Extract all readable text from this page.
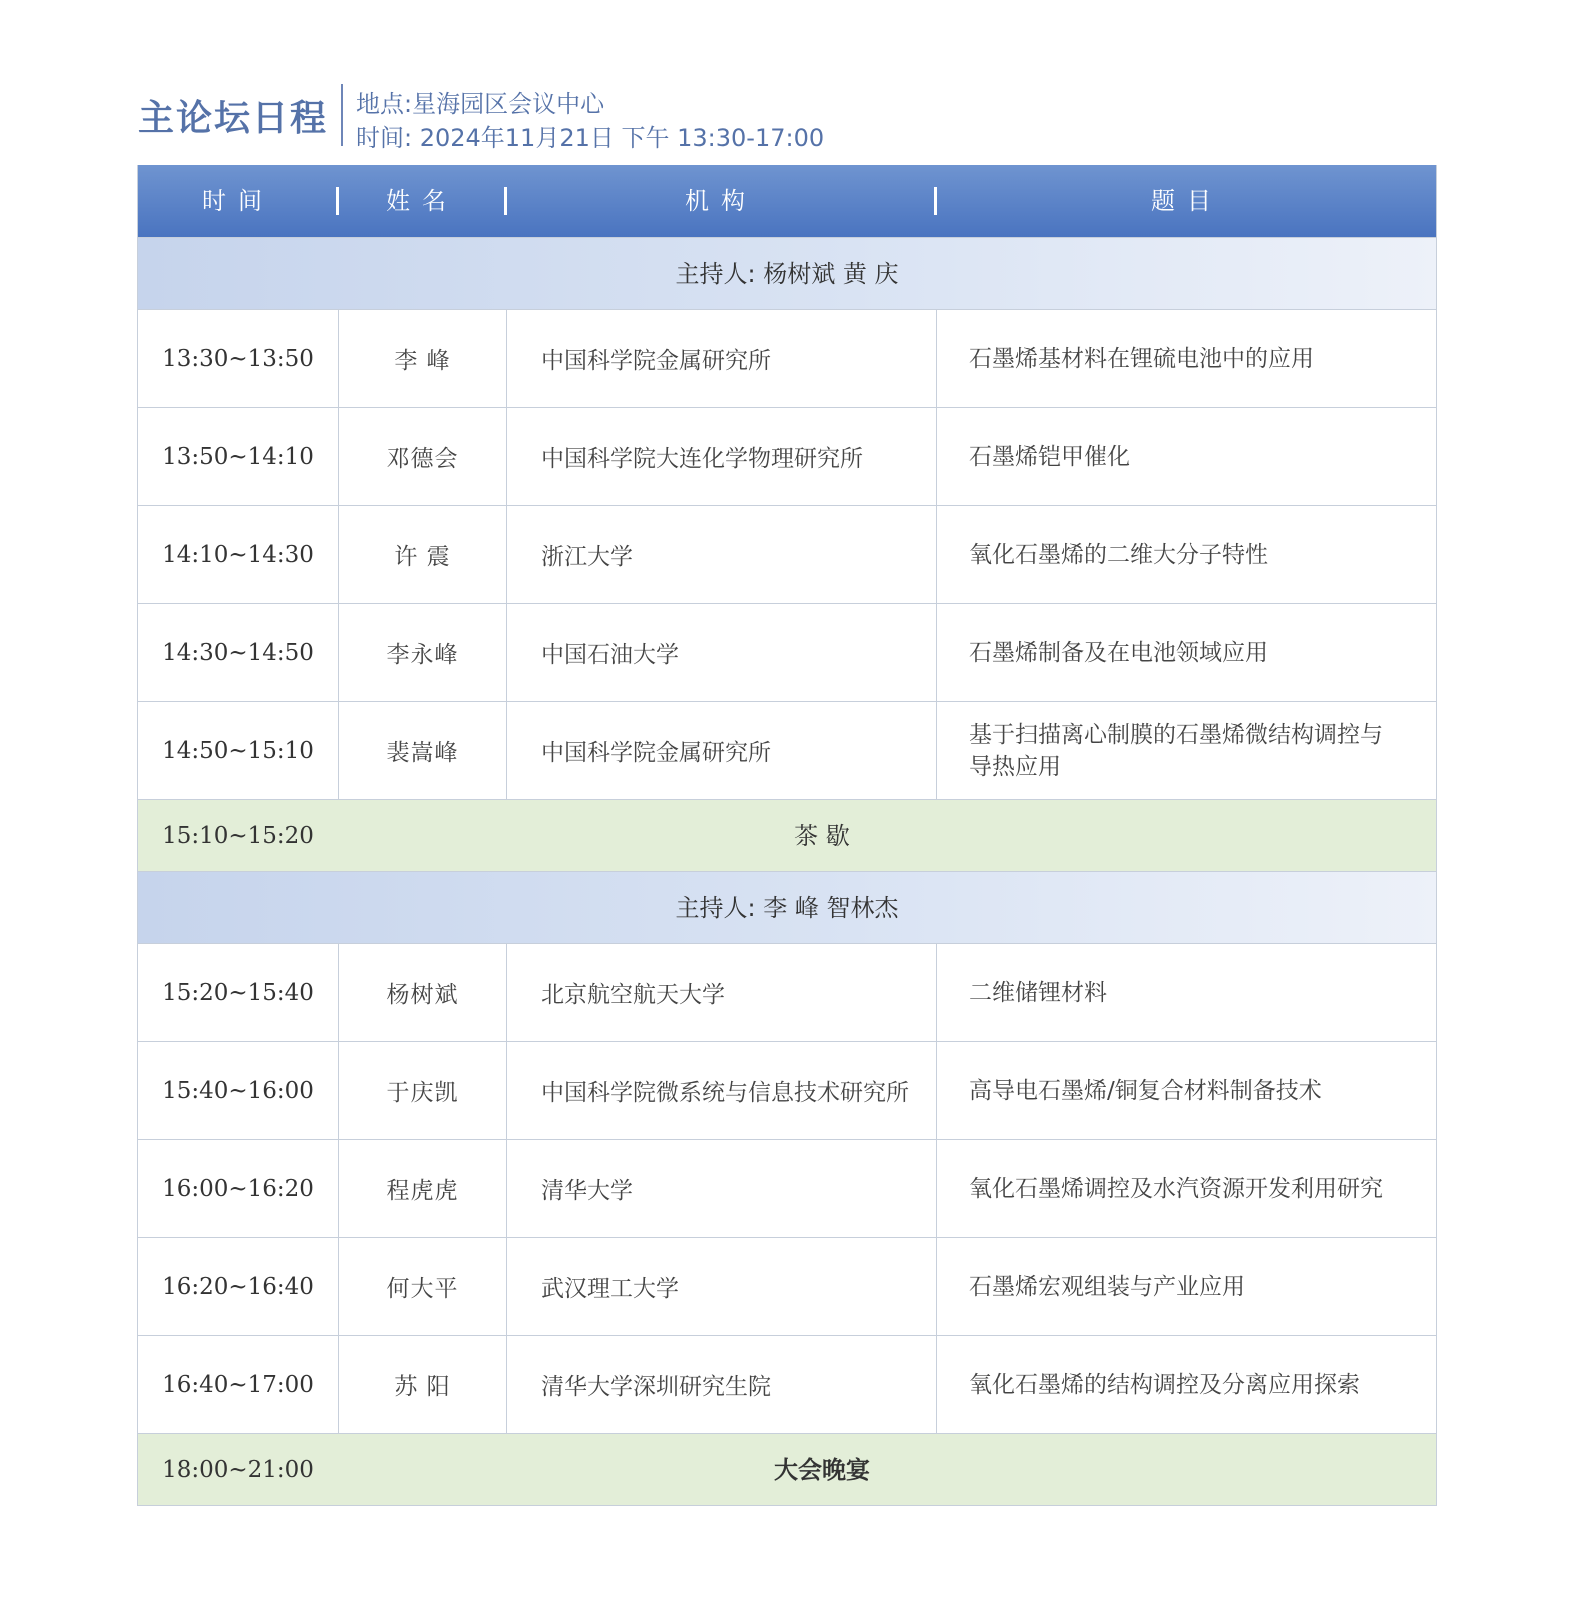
主论坛日程 地点:星海园区会议中心
时间: 2024年11月21日 下午 13:30-17:00
时间	姓名	机构	题目
主持人: 杨树斌 黄 庆
13:30~13:50	李 峰	中国科学院金属研究所	石墨烯基材料在锂硫电池中的应用
13:50~14:10	邓德会	中国科学院大连化学物理研究所	石墨烯铠甲催化
14:10~14:30	许 震	浙江大学	氧化石墨烯的二维大分子特性
14:30~14:50	李永峰	中国石油大学	石墨烯制备及在电池领域应用
14:50~15:10	裴嵩峰	中国科学院金属研究所
基于扫描离心制膜的石墨烯微结构调控与导热应用
15:10~15:20	茶 歇
主持人: 李 峰 智林杰
15:20~15:40	杨树斌	北京航空航天大学	二维储锂材料
15:40~16:00	于庆凯	中国科学院微系统与信息技术研究所	高导电石墨烯/铜复合材料制备技术
16:00~16:20	程虎虎	清华大学	氧化石墨烯调控及水汽资源开发利用研究
16:20~16:40	何大平	武汉理工大学	石墨烯宏观组装与产业应用
16:40~17:00	苏 阳	清华大学深圳研究生院	氧化石墨烯的结构调控及分离应用探索
18:00~21:00	大会晚宴
